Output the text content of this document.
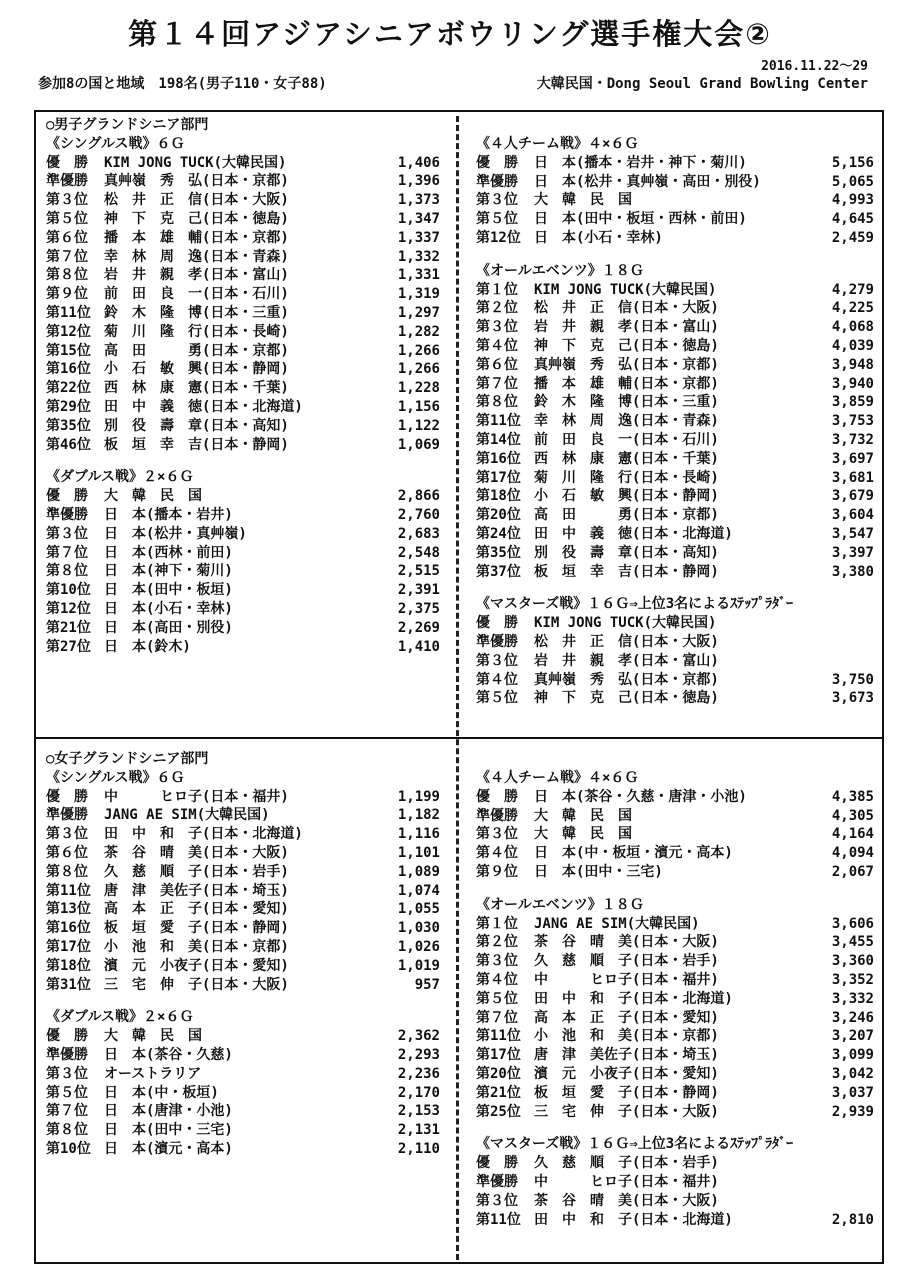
第１４回アジアシニアボウリング選手権大会②
2016.11.22～29
参加8の国と地域　198名(男子110・女子88)	大韓民国・Dong Seoul Grand Bowling Center
○男子グランドシニア部門
《シングルス戦》６Ｇ
優　勝	KIM JONG TUCK(大韓民国)	1,406
準優勝	真艸嶺　秀　弘(日本・京都)	1,396
第３位	松　井　正　信(日本・大阪)	1,373
第５位	神　下　克　己(日本・徳島)	1,347
第６位	播　本　雄　輔(日本・京都)	1,337
第７位	幸　林　周　逸(日本・青森)	1,332
第８位	岩　井　親　孝(日本・富山)	1,331
第９位	前　田　良　一(日本・石川)	1,319
第11位 鈴　木　隆　博(日本・三重)	1,297
第12位 菊　川　隆　行(日本・長崎)	1,282
第15位 高　田　　　勇(日本・京都)	1,266
第16位 小　石　敏　興(日本・静岡)	1,266
第22位 西　林　康　憲(日本・千葉)	1,228
第29位 田　中　義　徳(日本・北海道)	1,156
第35位 別　役　壽　章(日本・高知)	1,122
第46位 板　垣　幸　吉(日本・静岡)	1,069
《ダブルス戦》２×６Ｇ
優　勝	大　韓　民　国	2,866
準優勝	日　本(播本・岩井)	2,760
第３位	日　本(松井・真艸嶺)	2,683
第７位	日　本(西林・前田)	2,548
第８位	日　本(神下・菊川)	2,515
第10位 日　本(田中・板垣)	2,391
第12位 日　本(小石・幸林)	2,375
第21位 日　本(高田・別役)	2,269
第27位 日　本(鈴木)	1,410
《４人チーム戦》４×６Ｇ
優　勝	日　本(播本・岩井・神下・菊川)	5,156
準優勝	日　本(松井・真艸嶺・高田・別役)	5,065
第３位	大　韓　民　国	4,993
第５位	日　本(田中・板垣・西林・前田)	4,645
第12位 日　本(小石・幸林)	2,459
《オールエベンツ》１８Ｇ
第１位	KIM JONG TUCK(大韓民国)	4,279
第２位	松　井　正　信(日本・大阪)	4,225
第３位	岩　井　親　孝(日本・富山)	4,068
第４位	神　下　克　己(日本・徳島)	4,039
第６位	真艸嶺　秀　弘(日本・京都)	3,948
第７位	播　本　雄　輔(日本・京都)	3,940
第８位	鈴　木　隆　博(日本・三重)	3,859
第11位 幸　林　周　逸(日本・青森)	3,753
第14位 前　田　良　一(日本・石川)	3,732
第16位 西　林　康　憲(日本・千葉)	3,697
第17位 菊　川　隆　行(日本・長崎)	3,681
第18位 小　石　敏　興(日本・静岡)	3,679
第20位 高　田　　　勇(日本・京都)	3,604
第24位 田　中　義　徳(日本・北海道)	3,547
第35位 別　役　壽　章(日本・高知)	3,397
第37位 板　垣　幸　吉(日本・静岡)	3,380
《マスターズ戦》１６Ｇ⇒上位3名によるｽﾃｯﾌﾟﾗﾀﾞｰ
優　勝	KIM JONG TUCK(大韓民国)
準優勝	松　井　正　信(日本・大阪)
第３位	岩　井　親　孝(日本・富山)
第４位	真艸嶺　秀　弘(日本・京都)	3,750
第５位	神　下　克　己(日本・徳島)	3,673
○女子グランドシニア部門
《シングルス戦》６Ｇ
優　勝	中　　　ヒロ子(日本・福井)	1,199
準優勝	JANG AE SIM(大韓民国)	1,182
第３位	田　中　和　子(日本・北海道)	1,116
第６位	茶　谷　晴　美(日本・大阪)	1,101
第８位	久　慈　順　子(日本・岩手)	1,089
第11位 唐　津　美佐子(日本・埼玉)	1,074
第13位 高　本　正　子(日本・愛知)	1,055
第16位 板　垣　愛　子(日本・静岡)	1,030
第17位 小　池　和　美(日本・京都)	1,026
第18位 濱　元　小夜子(日本・愛知)	1,019
第31位 三　宅　伸　子(日本・大阪)	957
《ダブルス戦》２×６Ｇ
優　勝	大　韓　民　国	2,362
準優勝	日　本(茶谷・久慈)	2,293
第３位	オーストラリア	2,236
第５位	日　本(中・板垣)	2,170
第７位	日　本(唐津・小池)	2,153
第８位	日　本(田中・三宅)	2,131
第10位 日　本(濱元・高本)	2,110
《４人チーム戦》４×６Ｇ
優　勝	日　本(茶谷・久慈・唐津・小池)	4,385
準優勝	大　韓　民　国	4,305
第３位	大　韓　民　国	4,164
第４位	日　本(中・板垣・濱元・高本)	4,094
第９位	日　本(田中・三宅)	2,067
《オールエベンツ》１８Ｇ
第１位	JANG AE SIM(大韓民国)	3,606
第２位	茶　谷　晴　美(日本・大阪)	3,455
第３位	久　慈　順　子(日本・岩手)	3,360
第４位	中　　　ヒロ子(日本・福井)	3,352
第５位	田　中　和　子(日本・北海道)	3,332
第７位	高　本　正　子(日本・愛知)	3,246
第11位 小　池　和　美(日本・京都)	3,207
第17位 唐　津　美佐子(日本・埼玉)	3,099
第20位 濱　元　小夜子(日本・愛知)	3,042
第21位 板　垣　愛　子(日本・静岡)	3,037
第25位 三　宅　伸　子(日本・大阪)	2,939
《マスターズ戦》１６Ｇ⇒上位3名によるｽﾃｯﾌﾟﾗﾀﾞｰ
優　勝	久　慈　順　子(日本・岩手)
準優勝	中　　　ヒロ子(日本・福井)
第３位	茶　谷　晴　美(日本・大阪)
第11位 田　中　和　子(日本・北海道)	2,810
